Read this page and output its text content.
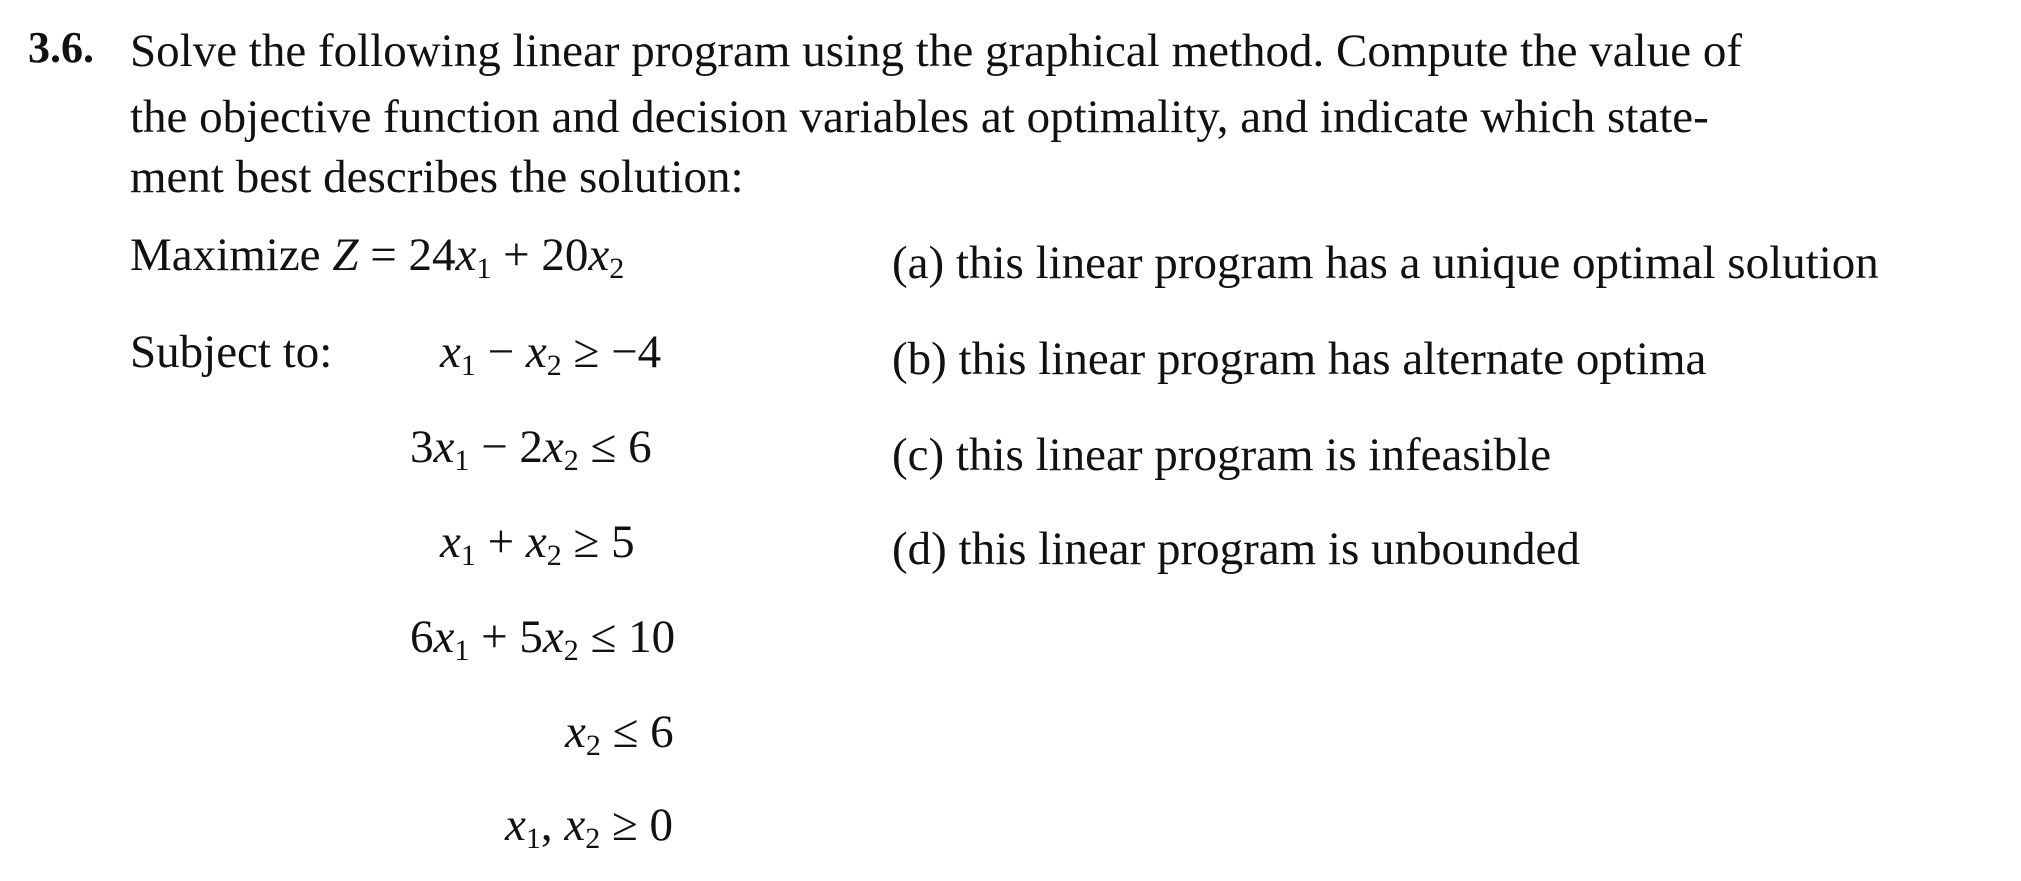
3.6. Solve the following linear program using the graphical method. Compute the value of
the objective function and decision variables at optimality, and indicate which state-
ment best describes the solution:
Maximize $Z = 24x_1 + 20x_2$
Subject to: $x_1 - x_2 \ge -4$
$3x_1 - 2x_2 \le 6$
$x_1 + x_2 \ge 5$
$6x_1 + 5x_2 \le 10$
$x_2 \le 6$
$x_1$, $x_2 \ge 0$
(a) this linear program has a unique optimal solution
(b) this linear program has alternate optima
(c) this linear program is infeasible
(d) this linear program is unbounded
